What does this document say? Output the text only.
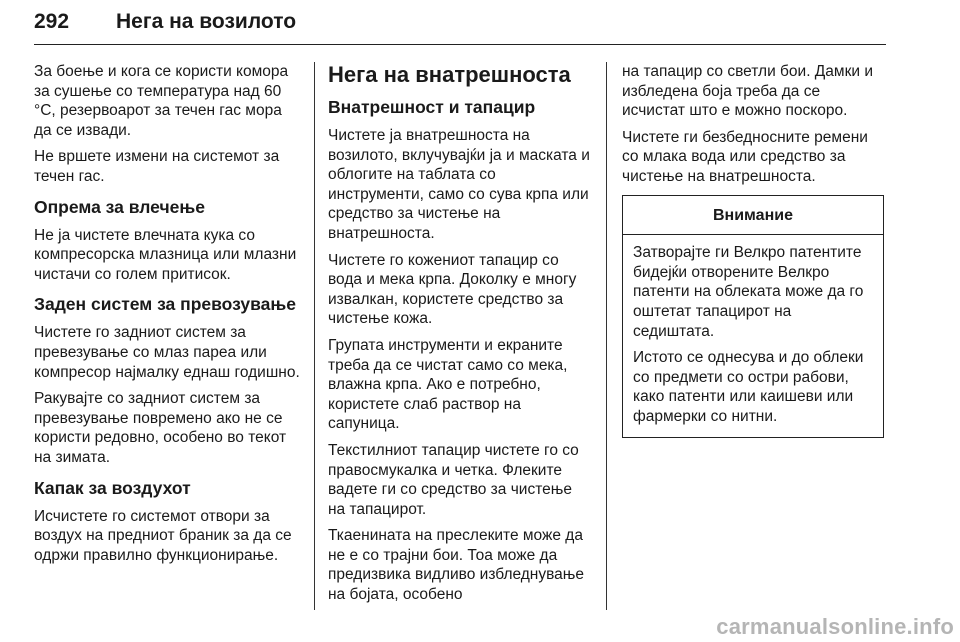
292 Нега на возилото

За боење и кога се користи комора за сушење со температура над 60 °C, резервоарот за течен гас мора да се извади.

Не вршете измени на системот за течен гас.

Опрема за влечење

Не ја чистете влечната кука со компресорска млазница или млазни чистачи со голем притисок.

Заден систем за превозување

Чистете го задниот систем за превезување со млаз пареа или компресор најмалку еднаш годишно.

Ракувајте со задниот систем за превезување повремено ако не се користи редовно, особено во текот на зимата.

Капак за воздухот

Исчистете го системот отвори за воздух на предниот браник за да се одржи правилно функционирање.

Нега на внатрешноста
Внатрешност и тапацир

Чистете ја внатрешноста на возилото, вклучувајќи ја и маската и облогите на таблата со инструменти, само со сува крпа или средство за чистење на внатрешноста.

Чистете го кожениот тапацир со вода и мека крпа. Доколку е многу извалкан, користете средство за чистење кожа.

Групата инструменти и екраните треба да се чистат само со мека, влажна крпа. Ако е потребно, користете слаб раствор на сапуница.

Текстилниот тапацир чистете го со правосмукалка и четка. Флеките вадете ги со средство за чистење на тапацирот.

Ткаенината на преслеките може да не е со трајни бои. Тоа може да предизвика видливо избледнување на бојата, особено

на тапацир со светли бои. Дамки и избледена боја треба да се исчистат што е можно поскоро.

Чистете ги безбедносните ремени со млака вода или средство за чистење на внатрешноста.

Внимание

Затворајте ги Велкро патентите бидејќи отворените Велкро патенти на облеката може да го оштетат тапацирот на седиштата.

Истото се однесува и до облеки со предмети со остри рабови, како патенти или каишеви или фармерки со нитни.

carmanualsonline.info
